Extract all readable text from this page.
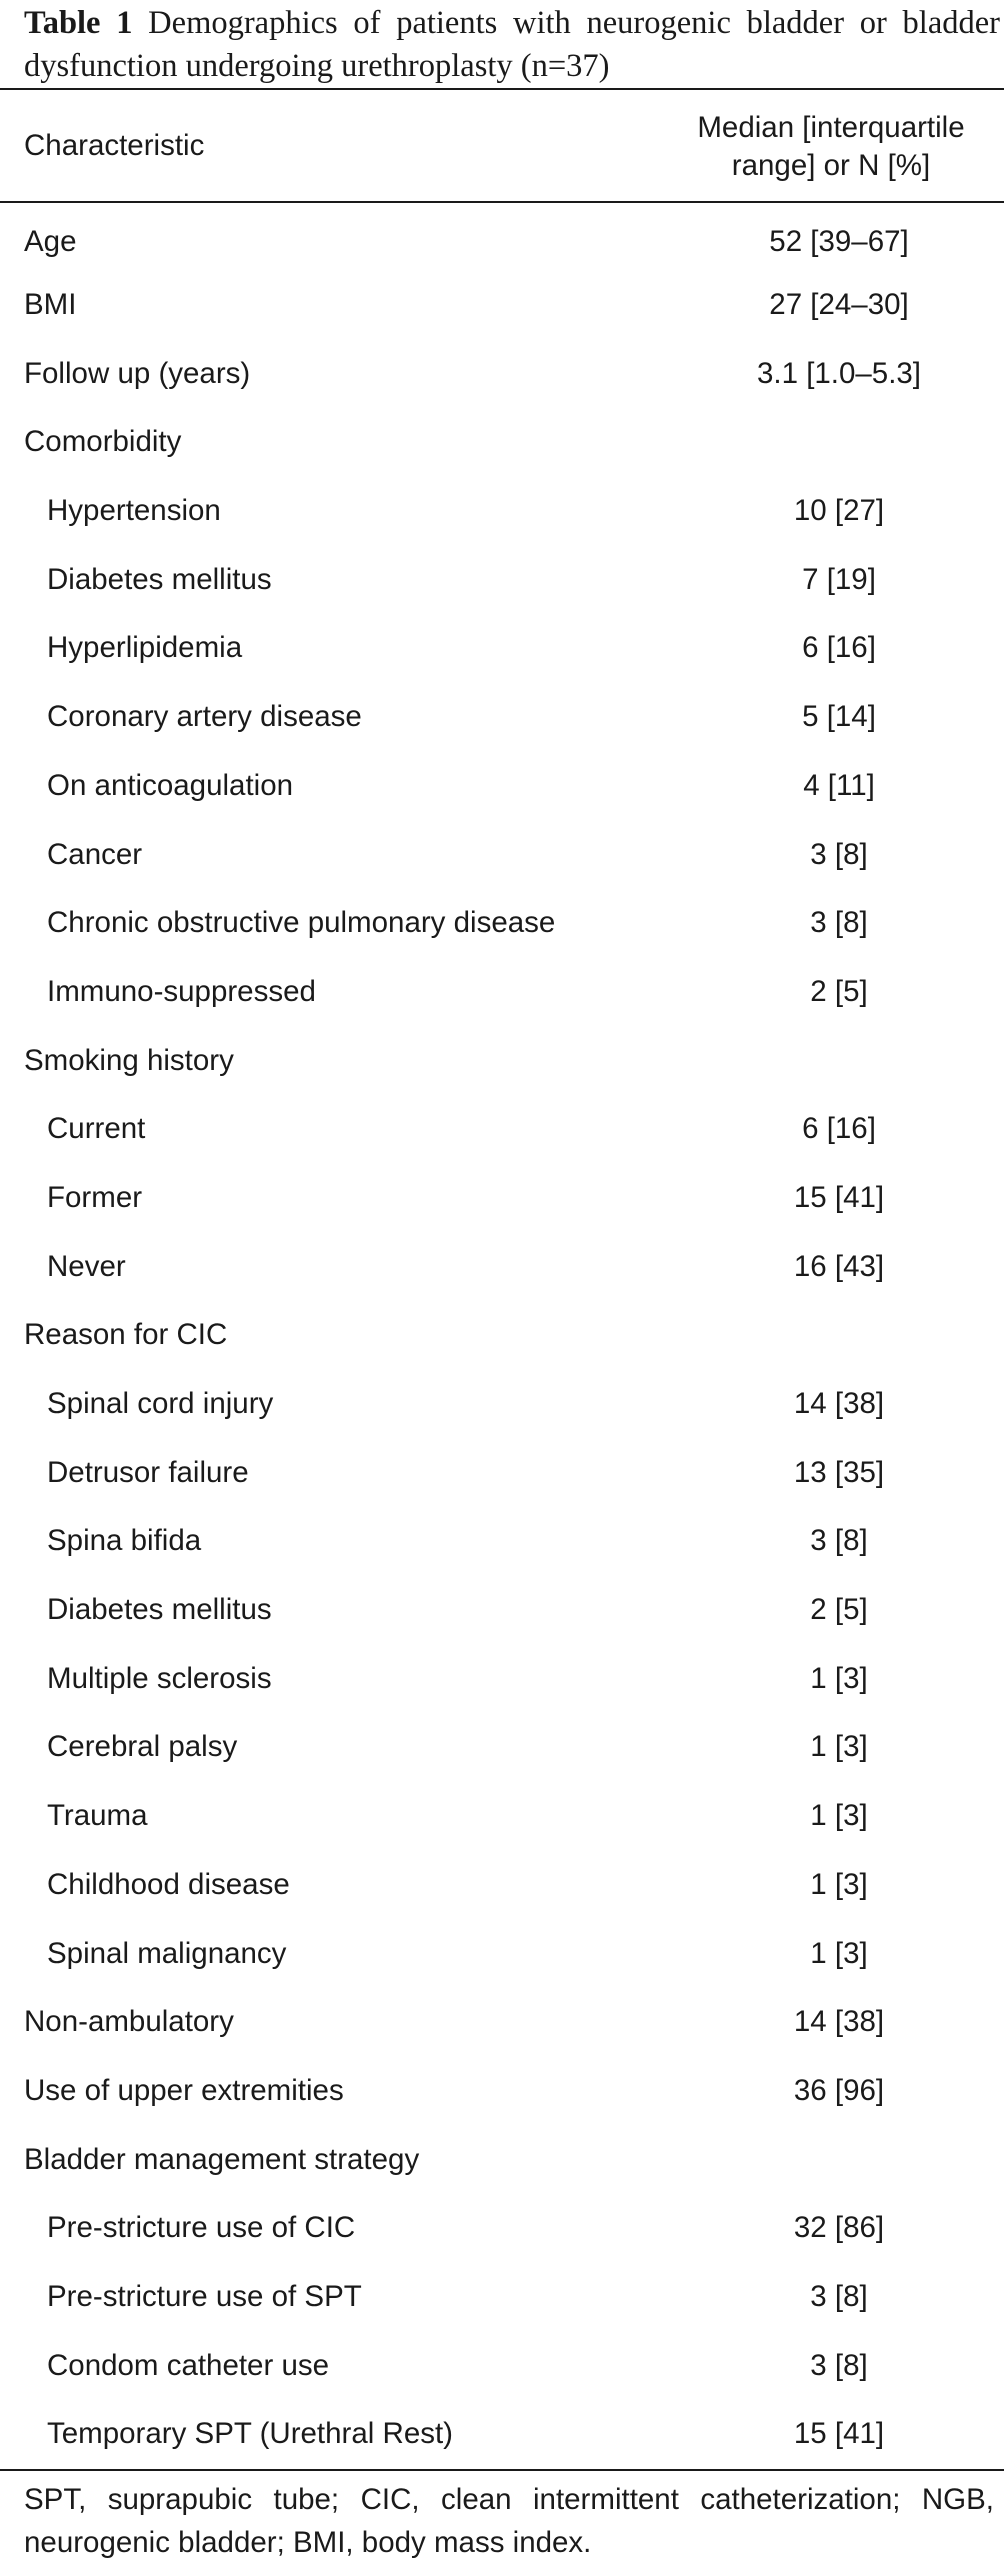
Table 1 Demographics of patients with neurogenic bladder or bladder dysfunction undergoing urethroplasty (n=37)

Characteristic	Median [interquartile range] or N [%]
Age	52 [39–67]
BMI	27 [24–30]
Follow up (years)	3.1 [1.0–5.3]
Comorbidity	
Hypertension	10 [27]
Diabetes mellitus	7 [19]
Hyperlipidemia	6 [16]
Coronary artery disease	5 [14]
On anticoagulation	4 [11]
Cancer	3 [8]
Chronic obstructive pulmonary disease	3 [8]
Immuno-suppressed	2 [5]
Smoking history	
Current	6 [16]
Former	15 [41]
Never	16 [43]
Reason for CIC	
Spinal cord injury	14 [38]
Detrusor failure	13 [35]
Spina bifida	3 [8]
Diabetes mellitus	2 [5]
Multiple sclerosis	1 [3]
Cerebral palsy	1 [3]
Trauma	1 [3]
Childhood disease	1 [3]
Spinal malignancy	1 [3]
Non-ambulatory	14 [38]
Use of upper extremities	36 [96]
Bladder management strategy	
Pre-stricture use of CIC	32 [86]
Pre-stricture use of SPT	3 [8]
Condom catheter use	3 [8]
Temporary SPT (Urethral Rest)	15 [41]

SPT, suprapubic tube; CIC, clean intermittent catheterization; NGB, neurogenic bladder; BMI, body mass index.
